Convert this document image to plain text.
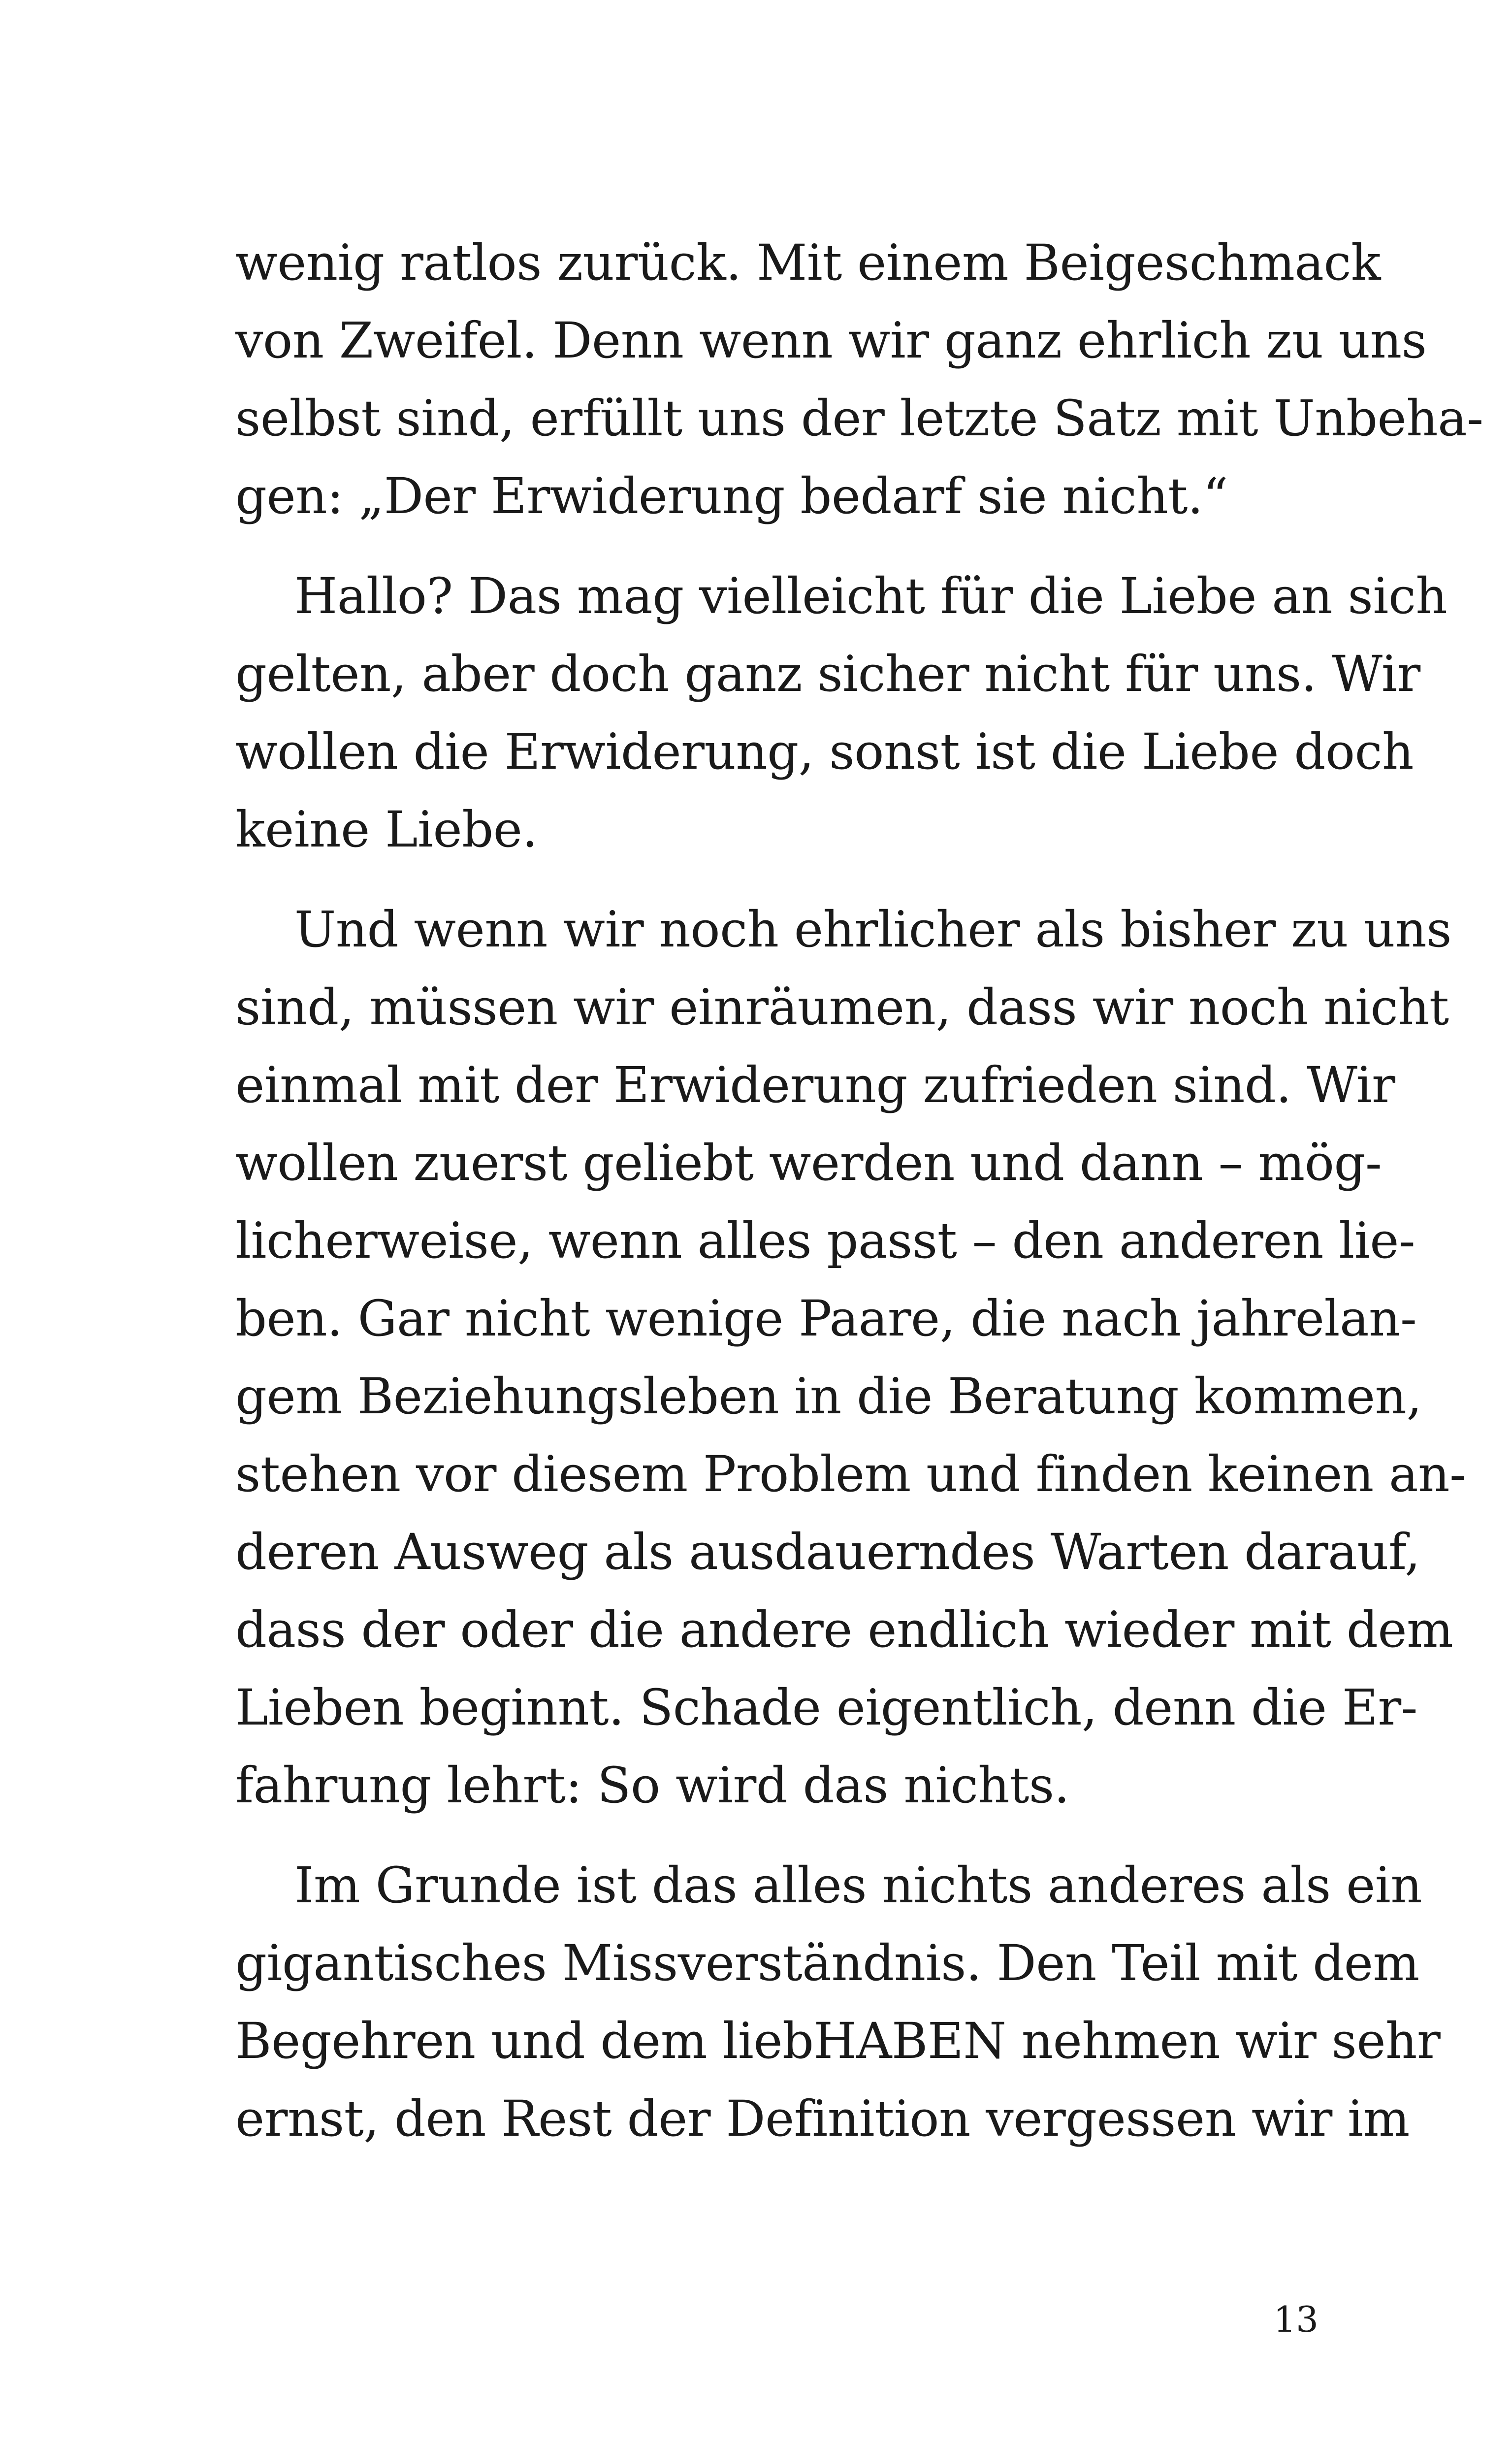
wenig ratlos zurück. Mit einem Beigeschmack
von Zweifel. Denn wenn wir ganz ehrlich zu uns
selbst sind, erfüllt uns der letzte Satz mit Unbeha-
gen: „Der Erwiderung bedarf sie nicht.“
Hallo? Das mag vielleicht für die Liebe an sich
gelten, aber doch ganz sicher nicht für uns. Wir
wollen die Erwiderung, sonst ist die Liebe doch
keine Liebe.
Und wenn wir noch ehrlicher als bisher zu uns
sind, müssen wir einräumen, dass wir noch nicht
einmal mit der Erwiderung zufrieden sind. Wir
wollen zuerst geliebt werden und dann – mög-
licherweise, wenn alles passt – den anderen lie-
ben. Gar nicht wenige Paare, die nach jahrelan-
gem Beziehungsleben in die Beratung kommen,
stehen vor diesem Problem und finden keinen an-
deren Ausweg als ausdauerndes Warten darauf,
dass der oder die andere endlich wieder mit dem
Lieben beginnt. Schade eigentlich, denn die Er-
fahrung lehrt: So wird das nichts.
Im Grunde ist das alles nichts anderes als ein
gigantisches Missverständnis. Den Teil mit dem
Begehren und dem liebHABEN nehmen wir sehr
ernst, den Rest der Definition vergessen wir im
13
